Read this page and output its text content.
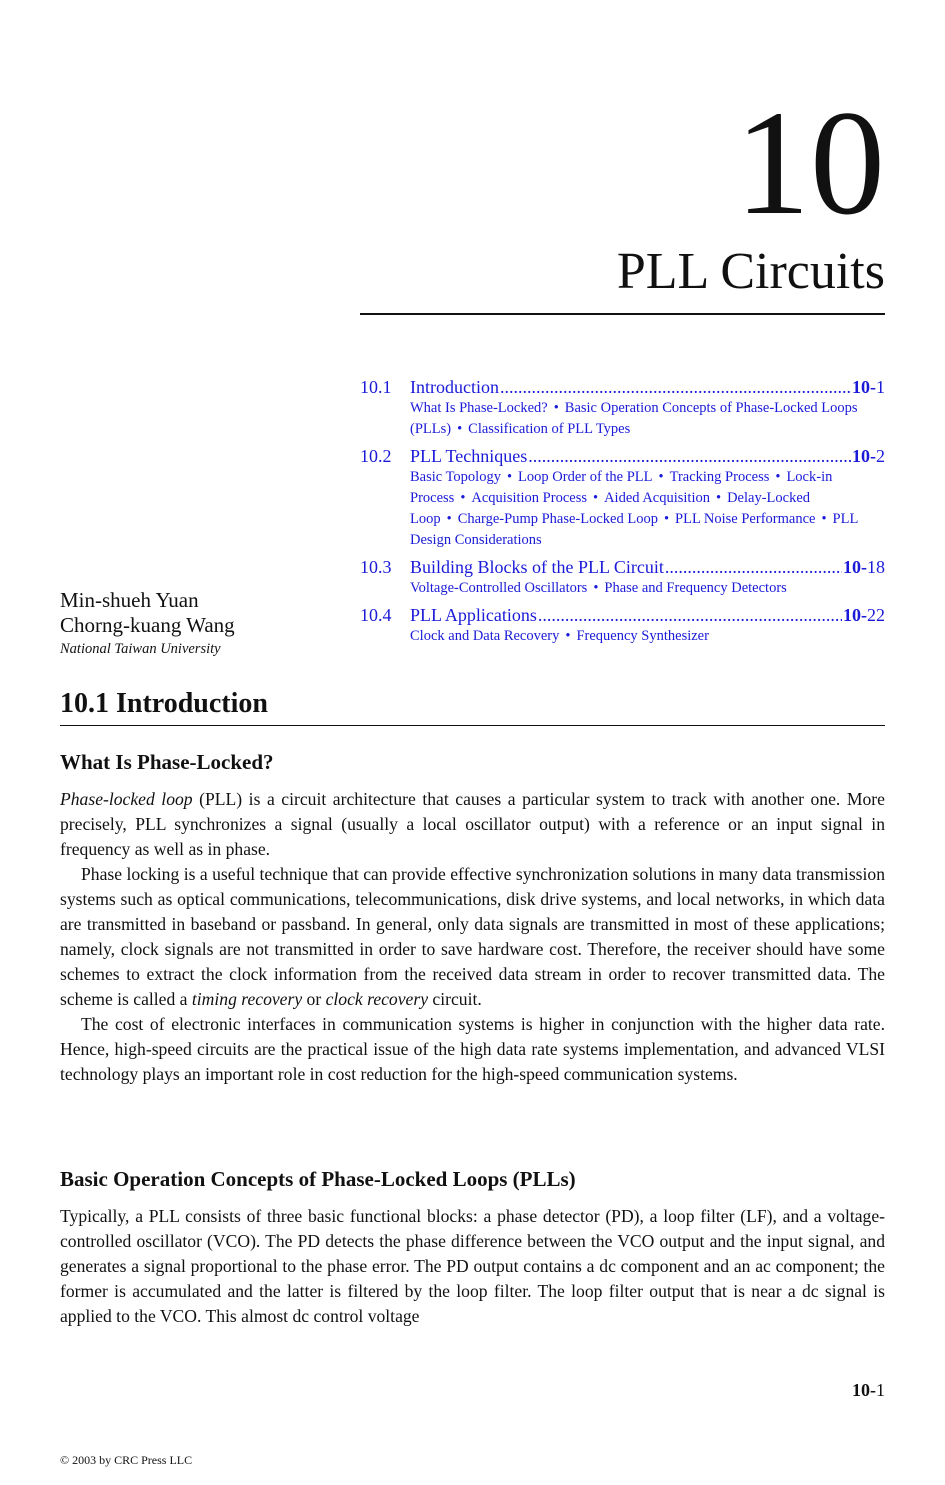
10
PLL Circuits
10.1	Introduction .....	10-1
What Is Phase-Locked? • Basic Operation Concepts of Phase-Locked Loops (PLLs) • Classification of PLL Types
10.2	PLL Techniques .....	10-2
Basic Topology • Loop Order of the PLL • Tracking Process • Lock-in Process • Acquisition Process • Aided Acquisition • Delay-Locked Loop • Charge-Pump Phase-Locked Loop • PLL Noise Performance • PLL Design Considerations
10.3	Building Blocks of the PLL Circuit .....	10-18
Voltage-Controlled Oscillators • Phase and Frequency Detectors
10.4	PLL Applications .....	10-22
Clock and Data Recovery • Frequency Synthesizer
Min-shueh Yuan
Chorng-kuang Wang
National Taiwan University
10.1 Introduction
What Is Phase-Locked?

Phase-locked loop (PLL) is a circuit architecture that causes a particular system to track with another one. More precisely, PLL synchronizes a signal (usually a local oscillator output) with a reference or an input signal in frequency as well as in phase.

Phase locking is a useful technique that can provide effective synchronization solutions in many data transmission systems such as optical communications, telecommunications, disk drive systems, and local networks, in which data are transmitted in baseband or passband. In general, only data signals are transmitted in most of these applications; namely, clock signals are not transmitted in order to save hardware cost. Therefore, the receiver should have some schemes to extract the clock information from the received data stream in order to recover transmitted data. The scheme is called a timing recovery or clock recovery circuit.

The cost of electronic interfaces in communication systems is higher in conjunction with the higher data rate. Hence, high-speed circuits are the practical issue of the high data rate systems implementation, and advanced VLSI technology plays an important role in cost reduction for the high-speed communication systems.

Basic Operation Concepts of Phase-Locked Loops (PLLs)

Typically, a PLL consists of three basic functional blocks: a phase detector (PD), a loop filter (LF), and a voltage-controlled oscillator (VCO). The PD detects the phase difference between the VCO output and the input signal, and generates a signal proportional to the phase error. The PD output contains a dc component and an ac component; the former is accumulated and the latter is filtered by the loop filter. The loop filter output that is near a dc signal is applied to the VCO. This almost dc control voltage

10-1
© 2003 by CRC Press LLC
